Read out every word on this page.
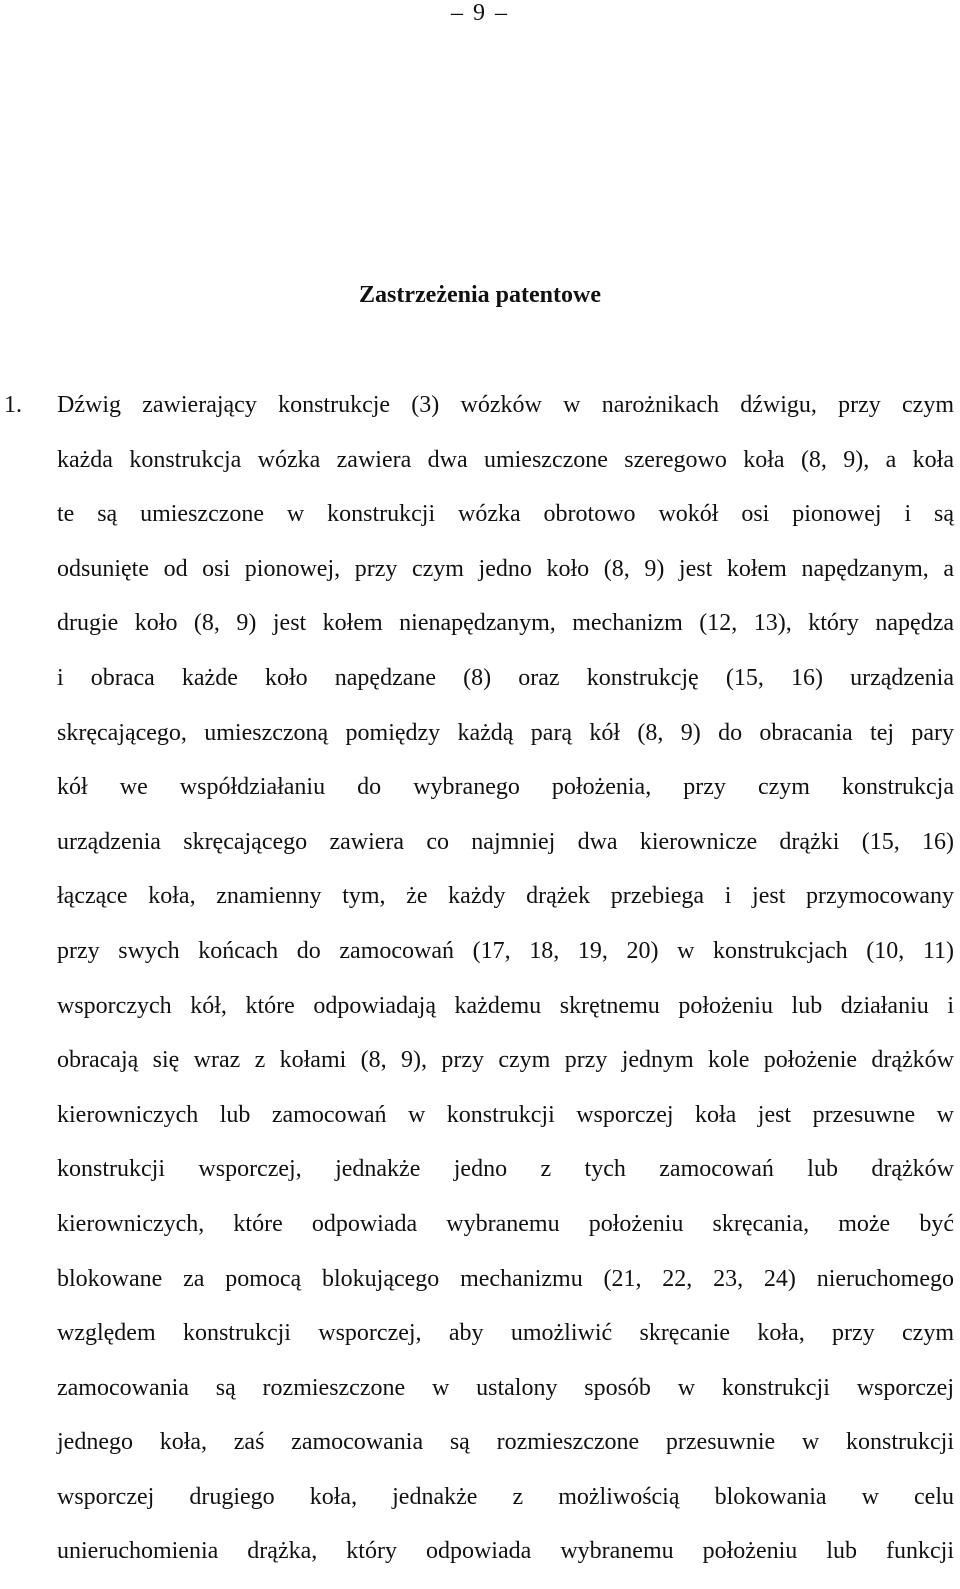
– 9 –
Zastrzeżenia patentowe
1. Dźwig zawierający konstrukcje (3) wózków w narożnikach dźwigu, przy czym
każda konstrukcja wózka zawiera dwa umieszczone szeregowo koła (8, 9), a koła
te są umieszczone w konstrukcji wózka obrotowo wokół osi pionowej i są
odsunięte od osi pionowej, przy czym jedno koło (8, 9) jest kołem napędzanym, a
drugie koło (8, 9) jest kołem nienapędzanym, mechanizm (12, 13), który napędza
i obraca każde koło napędzane (8) oraz konstrukcję (15, 16) urządzenia
skręcającego, umieszczoną pomiędzy każdą parą kół (8, 9) do obracania tej pary
kół we współdziałaniu do wybranego położenia, przy czym konstrukcja
urządzenia skręcającego zawiera co najmniej dwa kierownicze drążki (15, 16)
łączące koła, znamienny tym, że każdy drążek przebiega i jest przymocowany
przy swych końcach do zamocowań (17, 18, 19, 20) w konstrukcjach (10, 11)
wsporczych kół, które odpowiadają każdemu skrętnemu położeniu lub działaniu i
obracają się wraz z kołami (8, 9), przy czym przy jednym kole położenie drążków
kierowniczych lub zamocowań w konstrukcji wsporczej koła jest przesuwne w
konstrukcji wsporczej, jednakże jedno z tych zamocowań lub drążków
kierowniczych, które odpowiada wybranemu położeniu skręcania, może być
blokowane za pomocą blokującego mechanizmu (21, 22, 23, 24) nieruchomego
względem konstrukcji wsporczej, aby umożliwić skręcanie koła, przy czym
zamocowania są rozmieszczone w ustalony sposób w konstrukcji wsporczej
jednego koła, zaś zamocowania są rozmieszczone przesuwnie w konstrukcji
wsporczej drugiego koła, jednakże z możliwością blokowania w celu
unieruchomienia drążka, który odpowiada wybranemu położeniu lub funkcji
